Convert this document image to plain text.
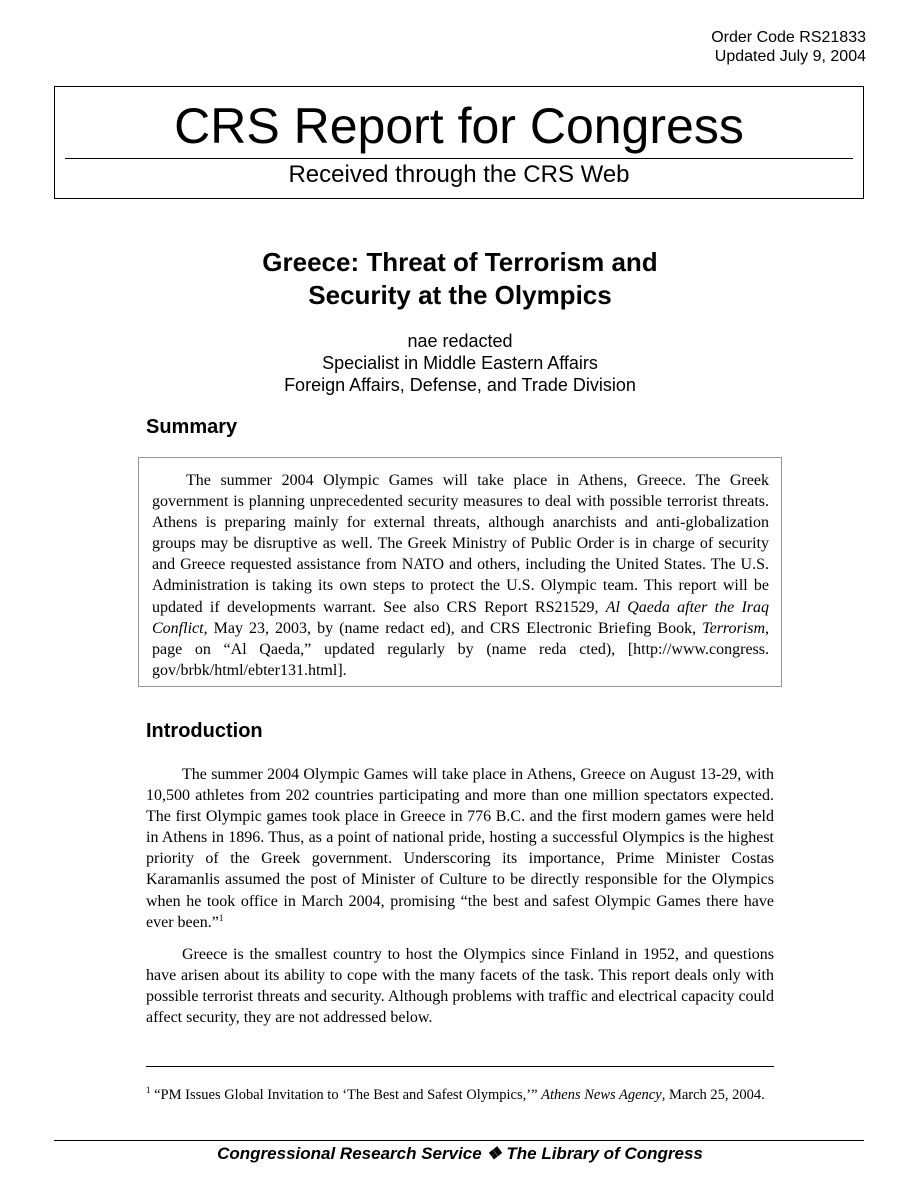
Order Code RS21833
Updated July 9, 2004
CRS Report for Congress
Received through the CRS Web
Greece: Threat of Terrorism and
Security at the Olympics
nae redacted
Specialist in Middle Eastern Affairs
Foreign Affairs, Defense, and Trade Division
Summary

The summer 2004 Olympic Games will take place in Athens, Greece. The Greek government is planning unprecedented security measures to deal with possible terrorist threats. Athens is preparing mainly for external threats, although anarchists and anti-globalization groups may be disruptive as well. The Greek Ministry of Public Order is in charge of security and Greece requested assistance from NATO and others, including the United States. The U.S. Administration is taking its own steps to protect the U.S. Olympic team. This report will be updated if developments warrant. See also CRS Report RS21529, Al Qaeda after the Iraq Conflict, May 23, 2003, by (name redact ed), and CRS Electronic Briefing Book, Terrorism, page on “Al Qaeda,” updated regularly by (name reda cted), [http://www.congress. gov/brbk/html/ebter131.html].

Introduction

The summer 2004 Olympic Games will take place in Athens, Greece on August 13-29, with 10,500 athletes from 202 countries participating and more than one million spectators expected. The first Olympic games took place in Greece in 776 B.C. and the first modern games were held in Athens in 1896. Thus, as a point of national pride, hosting a successful Olympics is the highest priority of the Greek government. Underscoring its importance, Prime Minister Costas Karamanlis assumed the post of Minister of Culture to be directly responsible for the Olympics when he took office in March 2004, promising “the best and safest Olympic Games there have ever been.”$^1$

Greece is the smallest country to host the Olympics since Finland in 1952, and questions have arisen about its ability to cope with the many facets of the task. This report deals only with possible terrorist threats and security. Although problems with traffic and electrical capacity could affect security, they are not addressed below.

$^1$ “PM Issues Global Invitation to ‘The Best and Safest Olympics,’” Athens News Agency, March 25, 2004.

Congressional Research Service ❖ The Library of Congress
